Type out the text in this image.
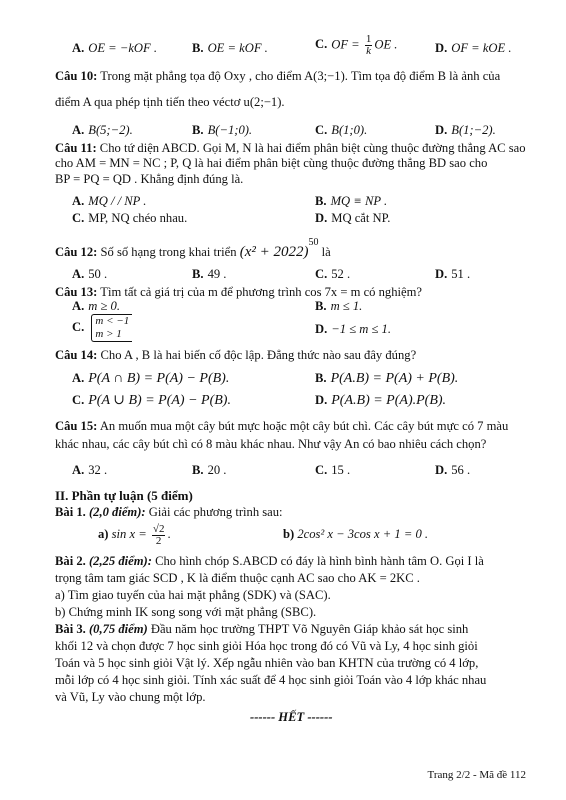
A. OE = −kOF .	B. OE = kOF .	C. OF = $\frac{1}{k}$ OE .	D. OF = kOE .
Câu 10: Trong mặt phẳng tọa độ Oxy , cho điểm A(3;−1). Tìm tọa độ điểm B là ảnh của
điểm A qua phép tịnh tiến theo véctơ u(2;−1).
A. B(5;−2).	B. B(−1;0).	C. B(1;0).	D. B(1;−2).
Câu 11: Cho tứ diện ABCD. Gọi M, N là hai điểm phân biệt cùng thuộc đường thẳng AC sao
cho AM = MN = NC ; P, Q là hai điểm phân biệt cùng thuộc đường thẳng BD sao cho
BP = PQ = QD . Khẳng định đúng là.
A. MQ / / NP .	B. MQ ≡ NP .
C. MP, NQ chéo nhau.	D. MQ cắt NP.
Câu 12: Số số hạng trong khai triển $(x^2 + 2022)^{50}$ là
A. 50 .	B. 49 .	C. 52 .	D. 51 .
Câu 13: Tìm tất cả giá trị của m để phương trình cos 7x = m có nghiệm?
A. m ≥ 0.	B. m ≤ 1.
C. m < −1
m > 1	D. −1 ≤ m ≤ 1.
Câu 14: Cho A , B là hai biến cố độc lập. Đẳng thức nào sau đây đúng?
A. P(A ∩ B) = P(A) − P(B).	B. P(A.B) = P(A) + P(B).
C. P(A ∪ B) = P(A) − P(B).	D. P(A.B) = P(A).P(B).
Câu 15: An muốn mua một cây bút mực hoặc một cây bút chì. Các cây bút mực có 7 màu
khác nhau, các cây bút chì có 8 màu khác nhau. Như vậy An có bao nhiêu cách chọn?
A. 32 .	B. 20 .	C. 15 .	D. 56 .
II. Phần tự luận (5 điểm)
Bài 1. (2,0 điểm): Giải các phương trình sau:
a) $\sin x = \frac{√2}{2}$ .	b) 2cos² x − 3cos x + 1 = 0 .
Bài 2. (2,25 điểm): Cho hình chóp S.ABCD có đáy là hình bình hành tâm O. Gọi I là
trọng tâm tam giác SCD , K là điểm thuộc cạnh AC sao cho AK = 2KC .
a) Tìm giao tuyến của hai mặt phẳng (SDK) và (SAC).
b) Chứng minh IK song song với mặt phẳng (SBC).
Bài 3. (0,75 điểm) Đầu năm học trường THPT Võ Nguyên Giáp khảo sát học sinh
khối 12 và chọn được 7 học sinh giỏi Hóa học trong đó có Vũ và Ly, 4 học sinh giỏi
Toán và 5 học sinh giỏi Vật lý. Xếp ngẫu nhiên vào ban KHTN của trường có 4 lớp,
mỗi lớp có 4 học sinh giỏi. Tính xác suất để 4 học sinh giỏi Toán vào 4 lớp khác nhau
và Vũ, Ly vào chung một lớp.
------ HẾT ------
Trang 2/2 - Mã đề 112
